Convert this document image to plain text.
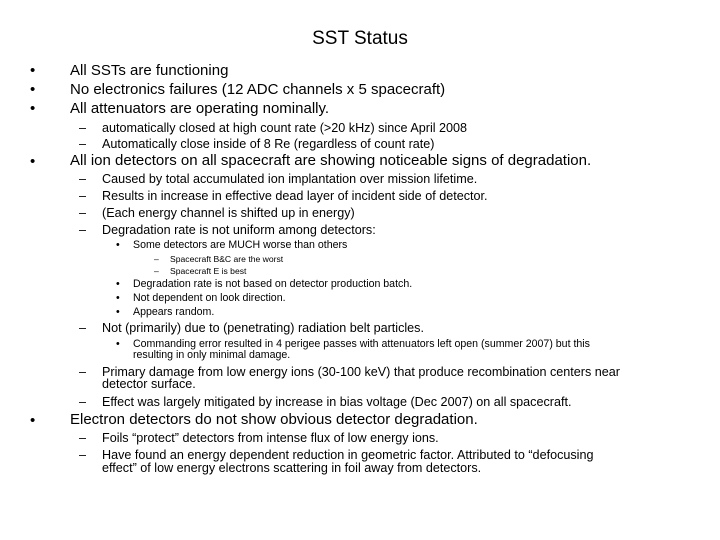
SST Status
• All SSTs are functioning
• No electronics failures (12 ADC channels x 5 spacecraft)
• All attenuators are operating nominally.
– automatically closed at high count rate (>20 kHz) since April 2008
– Automatically close inside of 8 Re (regardless of count rate)
• All ion detectors on all spacecraft are showing noticeable signs of degradation.
– Caused by total accumulated ion implantation over mission lifetime.
– Results in increase in effective dead layer of incident side of detector.
– (Each energy channel is shifted up in energy)
– Degradation rate is not uniform among detectors:
• Some detectors are MUCH worse than others
– Spacecraft B&C are the worst
– Spacecraft E is best
• Degradation rate is not based on detector production batch.
• Not dependent on look direction.
• Appears random.
– Not (primarily) due to (penetrating) radiation belt particles.
• Commanding error resulted in 4 perigee passes with attenuators left open (summer 2007) but this
resulting in only minimal damage.
– Primary damage from low energy ions (30-100 keV) that produce recombination centers near
detector surface.
– Effect was largely mitigated by increase in bias voltage (Dec 2007) on all spacecraft.
• Electron detectors do not show obvious detector degradation.
– Foils “protect” detectors from intense flux of low energy ions.
– Have found an energy dependent reduction in geometric factor. Attributed to “defocusing
effect” of low energy electrons scattering in foil away from detectors.
